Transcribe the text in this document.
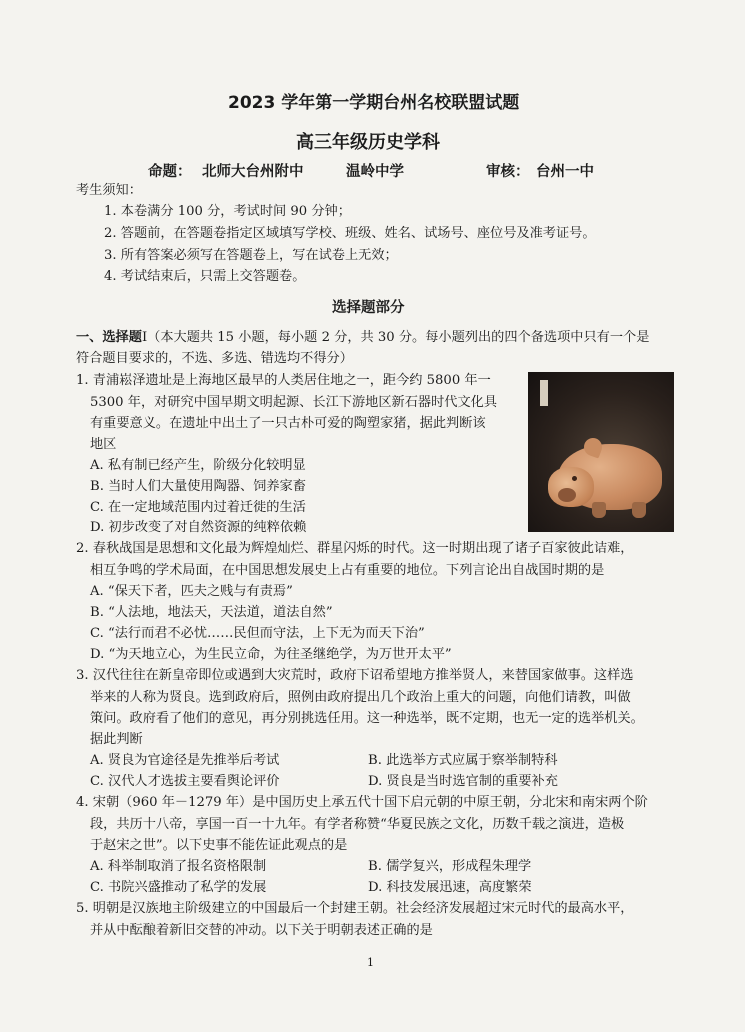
2023 学年第一学期台州名校联盟试题
高三年级历史学科
命题： 北师大台州附中	温岭中学	审核： 台州一中
考生须知：
1. 本卷满分 100 分，考试时间 90 分钟；
2. 答题前，在答题卷指定区域填写学校、班级、姓名、试场号、座位号及准考证号。
3. 所有答案必须写在答题卷上，写在试卷上无效；
4. 考试结束后，只需上交答题卷。
选择题部分
一、选择题Ⅰ（本大题共 15 小题，每小题 2 分，共 30 分。每小题列出的四个备选项中只有一个是
符合题目要求的，不选、多选、错选均不得分）
1. 青浦崧泽遗址是上海地区最早的人类居住地之一，距今约 5800 年一
5300 年，对研究中国早期文明起源、长江下游地区新石器时代文化具
有重要意义。在遗址中出土了一只古朴可爱的陶塑家猪，据此判断该
地区
A. 私有制已经产生，阶级分化较明显
B. 当时人们大量使用陶器、饲养家畜
C. 在一定地域范围内过着迁徙的生活
D. 初步改变了对自然资源的纯粹依赖
2. 春秋战国是思想和文化最为辉煌灿烂、群星闪烁的时代。这一时期出现了诸子百家彼此诘难，
相互争鸣的学术局面，在中国思想发展史上占有重要的地位。下列言论出自战国时期的是
A. “保天下者，匹夫之贱与有责焉”
B. “人法地，地法天，天法道，道法自然”
C. “法行而君不必忧……民但而守法，上下无为而天下治”
D. “为天地立心，为生民立命，为往圣继绝学，为万世开太平”
3. 汉代往往在新皇帝即位或遇到大灾荒时，政府下诏希望地方推举贤人，来替国家做事。这样选
举来的人称为贤良。选到政府后，照例由政府提出几个政治上重大的问题，向他们请教，叫做
策问。政府看了他们的意见，再分别挑选任用。这一种选举，既不定期，也无一定的选举机关。
据此判断
A. 贤良为官途径是先推举后考试	B. 此选举方式应属于察举制特科
C. 汉代人才选拔主要看舆论评价	D. 贤良是当时选官制的重要补充
4. 宋朝（960 年－1279 年）是中国历史上承五代十国下启元朝的中原王朝，分北宋和南宋两个阶
段，共历十八帝，享国一百一十九年。有学者称赞“华夏民族之文化，历数千载之演进，造极
于赵宋之世”。以下史事不能佐证此观点的是
A. 科举制取消了报名资格限制	B. 儒学复兴，形成程朱理学
C. 书院兴盛推动了私学的发展	D. 科技发展迅速，高度繁荣
5. 明朝是汉族地主阶级建立的中国最后一个封建王朝。社会经济发展超过宋元时代的最高水平，
并从中酝酿着新旧交替的冲动。以下关于明朝表述正确的是
1
